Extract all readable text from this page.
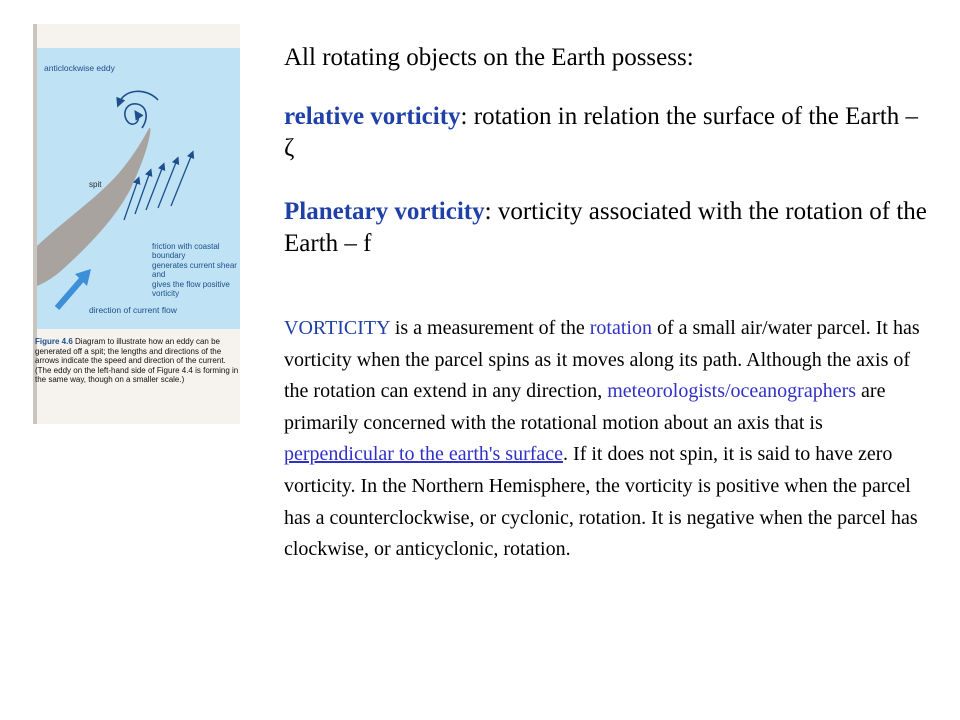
anticlockwise eddy
spit
friction with coastal boundary
generates current shear and
gives the flow positive vorticity
direction of current flow
Figure 4.6 Diagram to illustrate how an eddy can be generated off a spit; the lengths and directions of the arrows indicate the speed and direction of the current. (The eddy on the left-hand side of Figure 4.4 is forming in the same way, though on a smaller scale.)

All rotating objects on the Earth possess:

relative vorticity: rotation in relation the surface of the Earth – ζ

Planetary vorticity: vorticity associated with the rotation of the Earth – f

VORTICITY is a measurement of the rotation of a small air/water parcel. It has vorticity when the parcel spins as it moves along its path. Although the axis of the rotation can extend in any direction, meteorologists/oceanographers are primarily concerned with the rotational motion about an axis that is perpendicular to the earth's surface. If it does not spin, it is said to have zero vorticity. In the Northern Hemisphere, the vorticity is positive when the parcel has a counterclockwise, or cyclonic, rotation. It is negative when the parcel has clockwise, or anticyclonic, rotation.
